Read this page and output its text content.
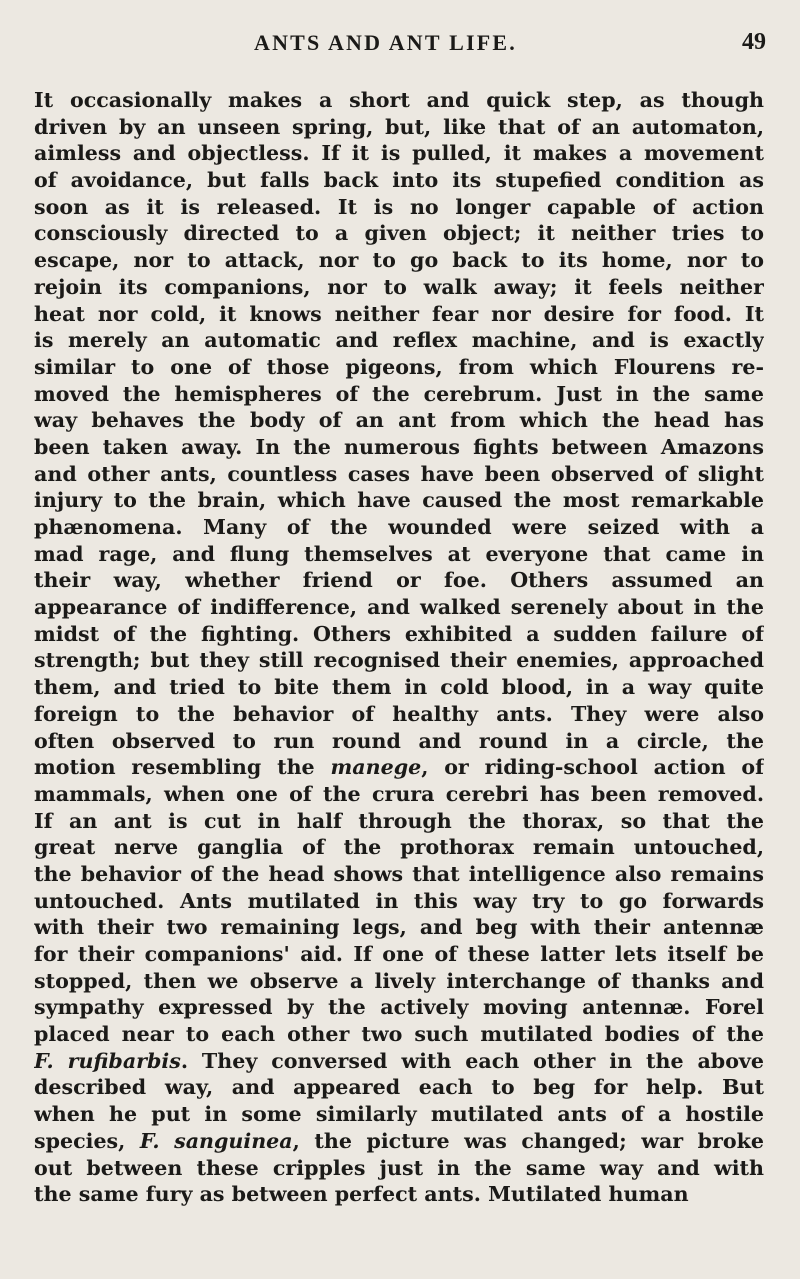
ANTS AND ANT LIFE.	49
It occasionally makes a short and quick step, as though
driven by an unseen spring, but, like that of an automaton,
aimless and objectless. If it is pulled, it makes a movement
of avoidance, but falls back into its stupefied condition as
soon as it is released. It is no longer capable of action
consciously directed to a given object; it neither tries to
escape, nor to attack, nor to go back to its home, nor to
rejoin its companions, nor to walk away; it feels neither
heat nor cold, it knows neither fear nor desire for food. It
is merely an automatic and reflex machine, and is exactly
similar to one of those pigeons, from which Flourens re-
moved the hemispheres of the cerebrum. Just in the same
way behaves the body of an ant from which the head has
been taken away. In the numerous fights between Amazons
and other ants, countless cases have been observed of slight
injury to the brain, which have caused the most remarkable
phænomena. Many of the wounded were seized with a
mad rage, and flung themselves at everyone that came in
their way, whether friend or foe. Others assumed an
appearance of indifference, and walked serenely about in the
midst of the fighting. Others exhibited a sudden failure of
strength; but they still recognised their enemies, approached
them, and tried to bite them in cold blood, in a way quite
foreign to the behavior of healthy ants. They were also
often observed to run round and round in a circle, the
motion resembling the manege, or riding-school action of
mammals, when one of the crura cerebri has been removed.
If an ant is cut in half through the thorax, so that the
great nerve ganglia of the prothorax remain untouched,
the behavior of the head shows that intelligence also remains
untouched. Ants mutilated in this way try to go forwards
with their two remaining legs, and beg with their antennæ
for their companions' aid. If one of these latter lets itself be
stopped, then we observe a lively interchange of thanks and
sympathy expressed by the actively moving antennæ. Forel
placed near to each other two such mutilated bodies of the
F. rufibarbis. They conversed with each other in the above
described way, and appeared each to beg for help. But
when he put in some similarly mutilated ants of a hostile
species, F. sanguinea, the picture was changed; war broke
out between these cripples just in the same way and with
the same fury as between perfect ants. Mutilated human
